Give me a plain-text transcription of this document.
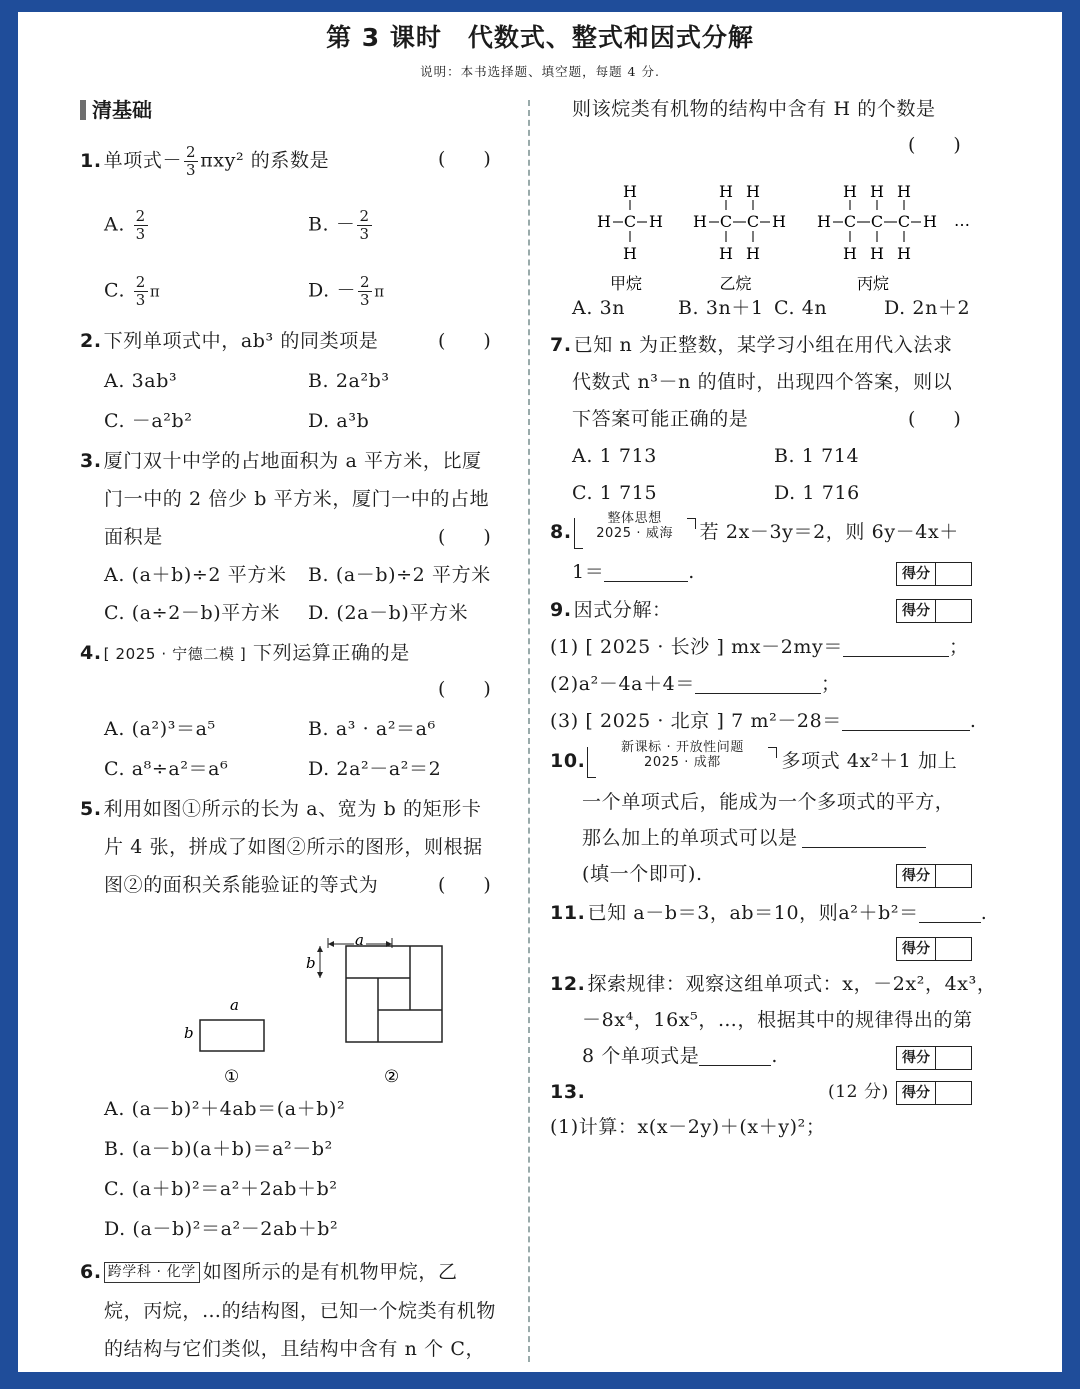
第 3 课时　代数式、整式和因式分解
说明：本书选择题、填空题，每题 4 分.
清基础
1. 单项式－ $\frac{2}{3} \pi xy^2$ 的系数是	(　　)
A. $\frac{2}{3}$	B. － $\frac{2}{3}$
C. $\frac{2}{3}$ π	D. － $\frac{2}{3}$ π
2. 下列单项式中，ab³ 的同类项是	(　　)
A. 3ab³	B. 2a²b³
C. －a²b²	D. a³b
3. 厦门双十中学的占地面积为 a 平方米，比厦
门一中的 2 倍少 b 平方米，厦门一中的占地
面积是	(　　)
A. (a＋b)÷2 平方米 B. (a－b)÷2 平方米
C. (a÷2－b)平方米 D. (2a－b)平方米
4. [ 2025 · 宁德二模 ] 下列运算正确的是
(　　)
A. (a²)³＝a⁵	B. a³ · a²＝a⁶
C. a⁸÷a²＝a⁶	D. 2a²－a²＝2
5. 利用如图①所示的长为 a、宽为 b 的矩形卡
片 4 张，拼成了如图②所示的图形，则根据
图②的面积关系能验证的等式为	(　　)
a
b
①
a
b
②
A. (a－b)²＋4ab＝(a＋b)²
B. (a－b)(a＋b)＝a²－b²
C. (a＋b)²＝a²＋2ab＋b²
D. (a－b)²＝a²－2ab＋b²
6. 跨学科 · 化学 如图所示的是有机物甲烷，乙
烷，丙烷，…的结构图，已知一个烷类有机物
的结构与它们类似，且结构中含有 n 个 C，
则该烷类有机物的结构中含有 H 的个数是
(　　)
H C
H
H
H H C
H
H
C
H
H
H H C
H
H
C
H
H
C
H
H
H
甲烷	乙烷	丙烷
…
A. 3n	B. 3n＋1 C. 4n	D. 2n＋2
7. 已知 n 为正整数，某学习小组在用代入法求
代数式 n³－n 的值时，出现四个答案，则以
下答案可能正确的是	(　　)
A. 1 713	B. 1 714
C. 1 715	D. 1 716
8.
整体思想
2025 · 威海	若 2x－3y＝2，则 6y－4x＋
1＝	.	得分
9. 因式分解：	得分
(1) [ 2025 · 长沙 ] mx－2my＝	；
(2)a²－4a＋4＝	；
(3) [ 2025 · 北京 ] 7 m²－28＝	.
10.
新课标 · 开放性问题
2025 · 成都	多项式 4x²＋1 加上
一个单项式后，能成为一个多项式的平方，
那么加上的单项式可以是
(填一个即可).	得分
11. 已知 a－b＝3，ab＝10，则a²＋b²＝	.
得分
12. 探索规律：观察这组单项式：x，－2x²，4x³，
－8x⁴，16x⁵，…，根据其中的规律得出的第
8 个单项式是	.	得分
13.	(12 分) 得分
(1)计算：x(x－2y)＋(x＋y)²；
